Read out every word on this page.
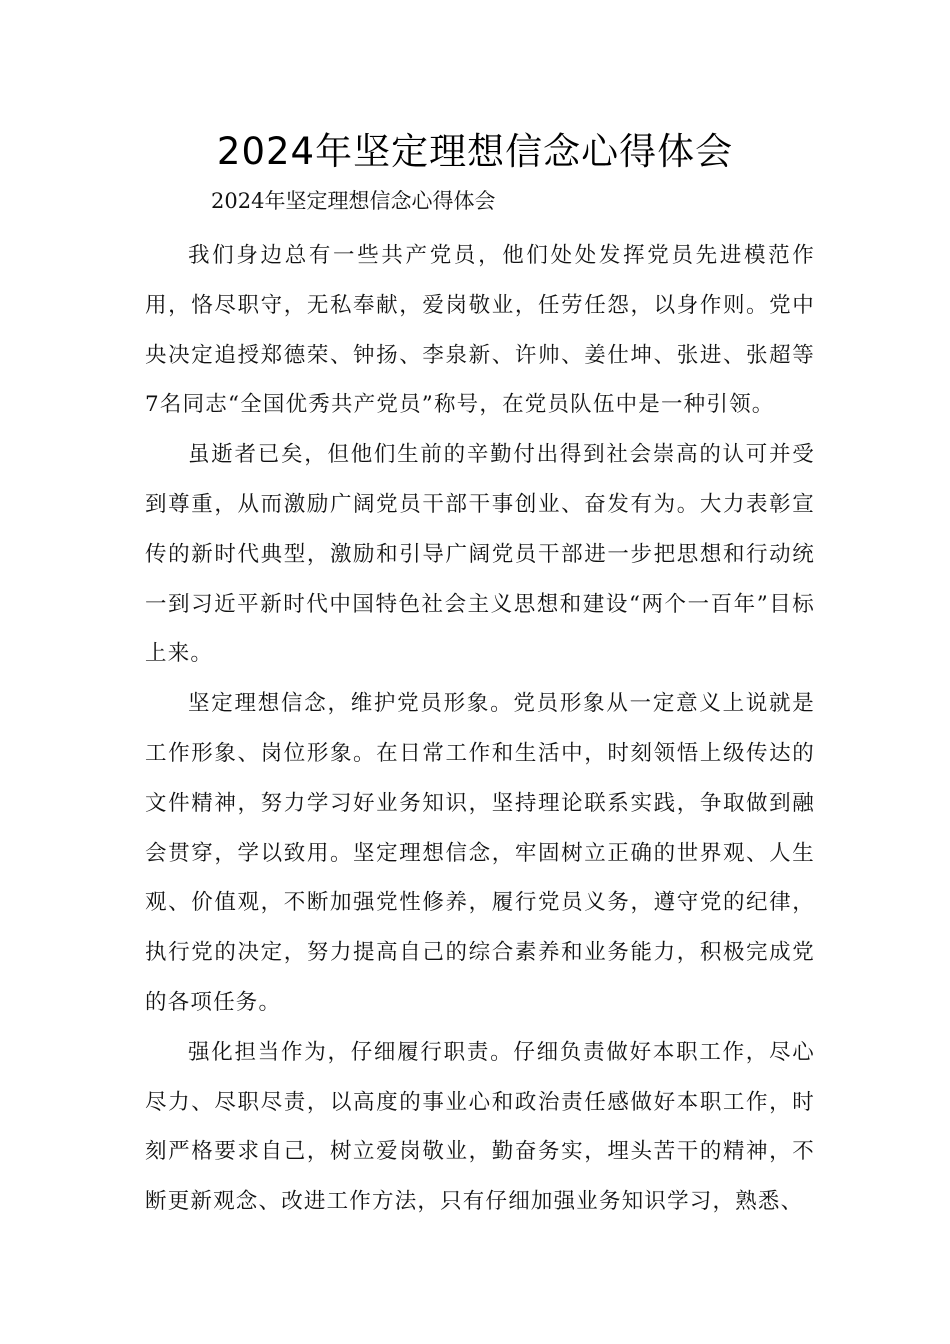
2024年坚定理想信念心得体会
2024年坚定理想信念心得体会

我们身边总有一些共产党员，他们处处发挥党员先进模范作用，恪尽职守，无私奉献，爱岗敬业，任劳任怨，以身作则。党中央决定追授郑德荣、钟扬、李泉新、许帅、姜仕坤、张进、张超等7名同志“全国优秀共产党员”称号，在党员队伍中是一种引领。

虽逝者已矣，但他们生前的辛勤付出得到社会崇高的认可并受到尊重，从而激励广阔党员干部干事创业、奋发有为。大力表彰宣传的新时代典型，激励和引导广阔党员干部进一步把思想和行动统一到习近平新时代中国特色社会主义思想和建设“两个一百年”目标上来。

坚定理想信念，维护党员形象。党员形象从一定意义上说就是工作形象、岗位形象。在日常工作和生活中，时刻领悟上级传达的文件精神，努力学习好业务知识，坚持理论联系实践，争取做到融会贯穿，学以致用。坚定理想信念，牢固树立正确的世界观、人生观、价值观，不断加强党性修养，履行党员义务，遵守党的纪律，执行党的决定，努力提高自己的综合素养和业务能力，积极完成党的各项任务。

强化担当作为，仔细履行职责。仔细负责做好本职工作，尽心尽力、尽职尽责，以高度的事业心和政治责任感做好本职工作，时刻严格要求自己，树立爱岗敬业，勤奋务实，埋头苦干的精神，不断更新观念、改进工作方法，只有仔细加强业务知识学习，熟悉、
